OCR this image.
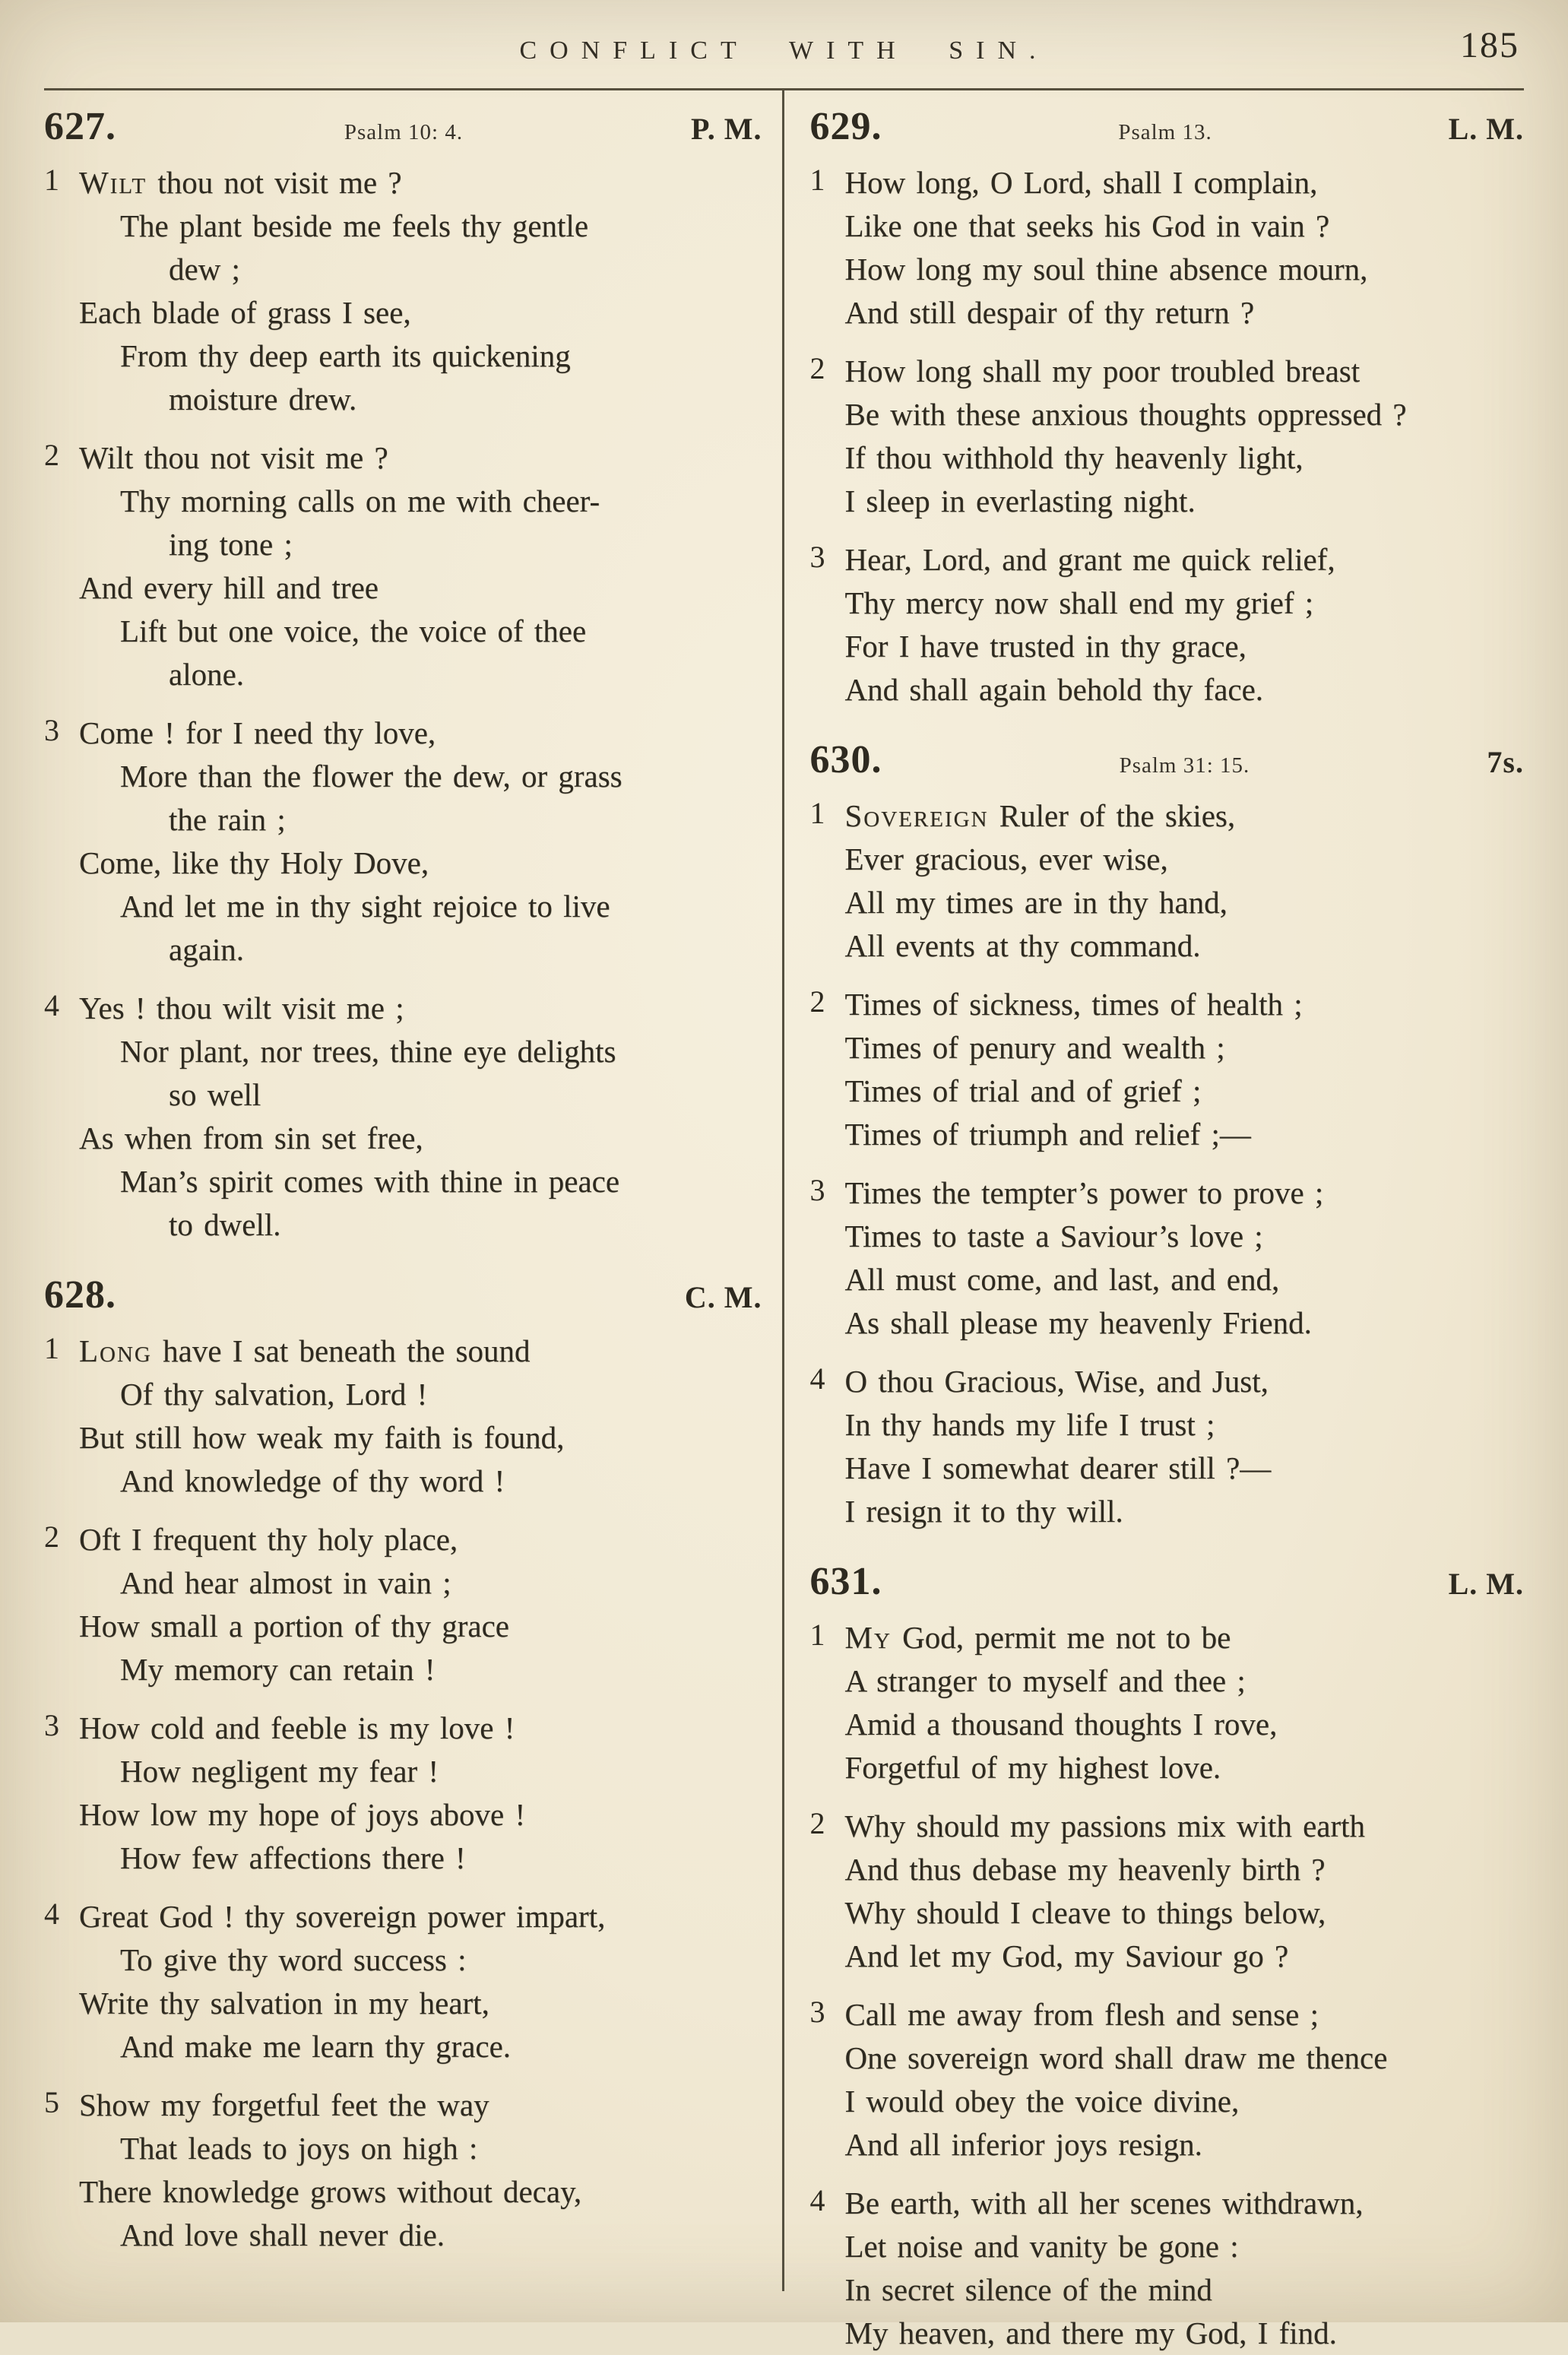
CONFLICT WITH SIN.	185
627.	Psalm 10: 4.	P. M.
1 Wilt thou not visit me ?
The plant beside me feels thy gentle
dew ;
Each blade of grass I see,
From thy deep earth its quickening
moisture drew.
2 Wilt thou not visit me ?
Thy morning calls on me with cheer-
ing tone ;
And every hill and tree
Lift but one voice, the voice of thee
alone.
3 Come ! for I need thy love,
More than the flower the dew, or grass
the rain ;
Come, like thy Holy Dove,
And let me in thy sight rejoice to live
again.
4 Yes ! thou wilt visit me ;
Nor plant, nor trees, thine eye delights
so well
As when from sin set free,
Man’s spirit comes with thine in peace
to dwell.
628.	C. M.
1 Long have I sat beneath the sound
Of thy salvation, Lord !
But still how weak my faith is found,
And knowledge of thy word !
2 Oft I frequent thy holy place,
And hear almost in vain ;
How small a portion of thy grace
My memory can retain !
3 How cold and feeble is my love !
How negligent my fear !
How low my hope of joys above !
How few affections there !
4 Great God ! thy sovereign power impart,
To give thy word success :
Write thy salvation in my heart,
And make me learn thy grace.
5 Show my forgetful feet the way
That leads to joys on high :
There knowledge grows without decay,
And love shall never die.
629.	Psalm 13.	L. M.
1 How long, O Lord, shall I complain,
Like one that seeks his God in vain ?
How long my soul thine absence mourn,
And still despair of thy return ?
2 How long shall my poor troubled breast
Be with these anxious thoughts oppressed ?
If thou withhold thy heavenly light,
I sleep in everlasting night.
3 Hear, Lord, and grant me quick relief,
Thy mercy now shall end my grief ;
For I have trusted in thy grace,
And shall again behold thy face.
630.	Psalm 31: 15.	7s.
1 Sovereign Ruler of the skies,
Ever gracious, ever wise,
All my times are in thy hand,
All events at thy command.
2 Times of sickness, times of health ;
Times of penury and wealth ;
Times of trial and of grief ;
Times of triumph and relief ;—
3 Times the tempter’s power to prove ;
Times to taste a Saviour’s love ;
All must come, and last, and end,
As shall please my heavenly Friend.
4 O thou Gracious, Wise, and Just,
In thy hands my life I trust ;
Have I somewhat dearer still ?—
I resign it to thy will.
631.	L. M.
1 My God, permit me not to be
A stranger to myself and thee ;
Amid a thousand thoughts I rove,
Forgetful of my highest love.
2 Why should my passions mix with earth
And thus debase my heavenly birth ?
Why should I cleave to things below,
And let my God, my Saviour go ?
3 Call me away from flesh and sense ;
One sovereign word shall draw me thence
I would obey the voice divine,
And all inferior joys resign.
4 Be earth, with all her scenes withdrawn,
Let noise and vanity be gone :
In secret silence of the mind
My heaven, and there my God, I find.
